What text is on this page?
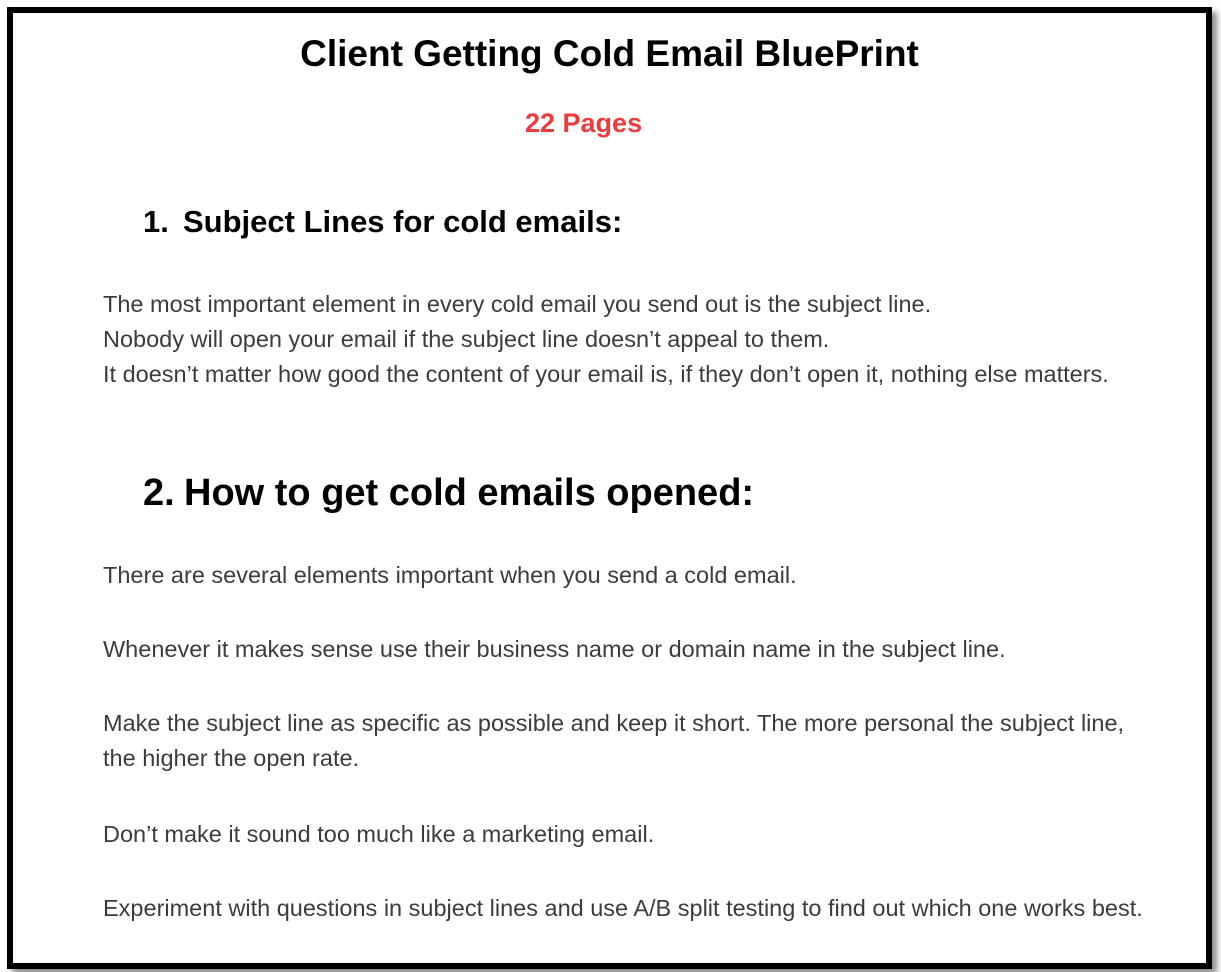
Client Getting Cold Email BluePrint
22 Pages
1. Subject Lines for cold emails:
The most important element in every cold email you send out is the subject line.
Nobody will open your email if the subject line doesn’t appeal to them.
It doesn’t matter how good the content of your email is, if they don’t open it, nothing else matters.
2. How to get cold emails opened:
There are several elements important when you send a cold email.
Whenever it makes sense use their business name or domain name in the subject line.
Make the subject line as specific as possible and keep it short. The more personal the subject line, the higher the open rate.
Don’t make it sound too much like a marketing email.
Experiment with questions in subject lines and use A/B split testing to find out which one works best.
